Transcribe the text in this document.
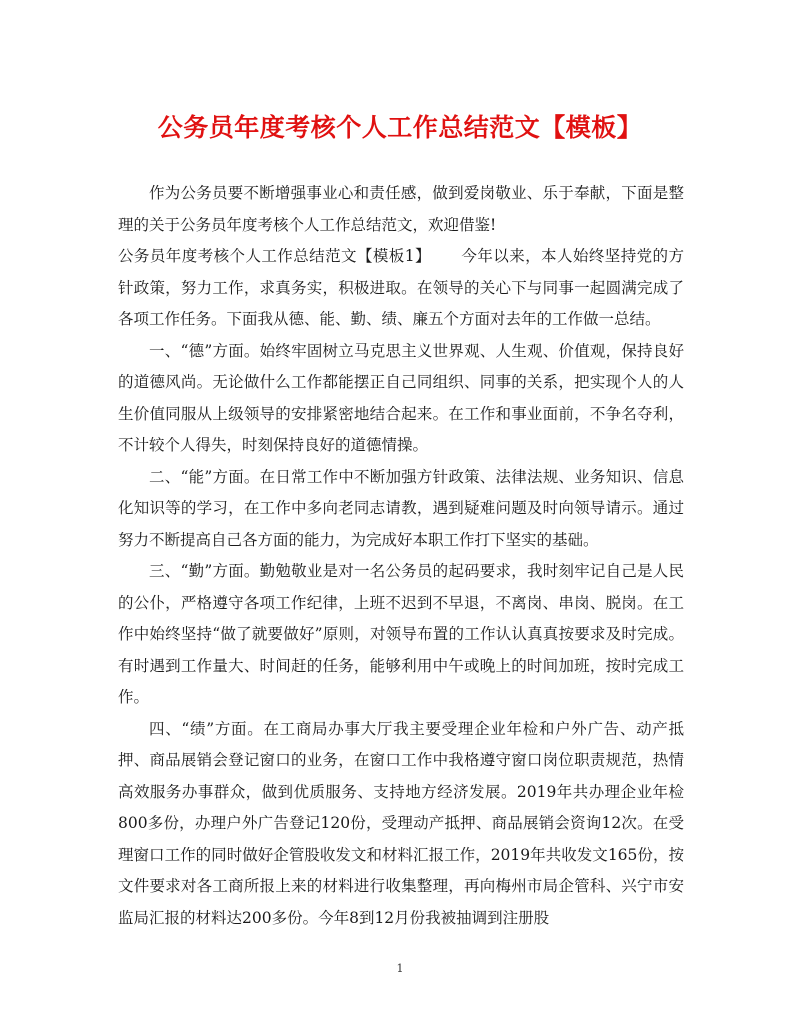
公务员年度考核个人工作总结范文【模板】

作为公务员要不断增强事业心和责任感，做到爱岗敬业、乐于奉献，下面是整理的关于公务员年度考核个人工作总结范文，欢迎借鉴!

公务员年度考核个人工作总结范文【模板1】 今年以来，本人始终坚持党的方针政策，努力工作，求真务实，积极进取。在领导的关心下与同事一起圆满完成了各项工作任务。下面我从德、能、勤、绩、廉五个方面对去年的工作做一总结。

一、“德”方面。始终牢固树立马克思主义世界观、人生观、价值观，保持良好的道德风尚。无论做什么工作都能摆正自己同组织、同事的关系，把实现个人的人生价值同服从上级领导的安排紧密地结合起来。在工作和事业面前，不争名夺利，不计较个人得失，时刻保持良好的道德情操。

二、“能”方面。在日常工作中不断加强方针政策、法律法规、业务知识、信息化知识等的学习，在工作中多向老同志请教，遇到疑难问题及时向领导请示。通过努力不断提高自己各方面的能力，为完成好本职工作打下坚实的基础。

三、“勤”方面。勤勉敬业是对一名公务员的起码要求，我时刻牢记自己是人民的公仆，严格遵守各项工作纪律，上班不迟到不早退，不离岗、串岗、脱岗。在工作中始终坚持“做了就要做好”原则，对领导布置的工作认认真真按要求及时完成。有时遇到工作量大、时间赶的任务，能够利用中午或晚上的时间加班，按时完成工作。

四、“绩”方面。在工商局办事大厅我主要受理企业年检和户外广告、动产抵押、商品展销会登记窗口的业务，在窗口工作中我格遵守窗口岗位职责规范，热情高效服务办事群众，做到优质服务、支持地方经济发展。2019年共办理企业年检800多份，办理户外广告登记120份，受理动产抵押、商品展销会资询12次。在受理窗口工作的同时做好企管股收发文和材料汇报工作，2019年共收发文165份，按文件要求对各工商所报上来的材料进行收集整理，再向梅州市局企管科、兴宁市安监局汇报的材料达200多份。今年8到12月份我被抽调到注册股

1
